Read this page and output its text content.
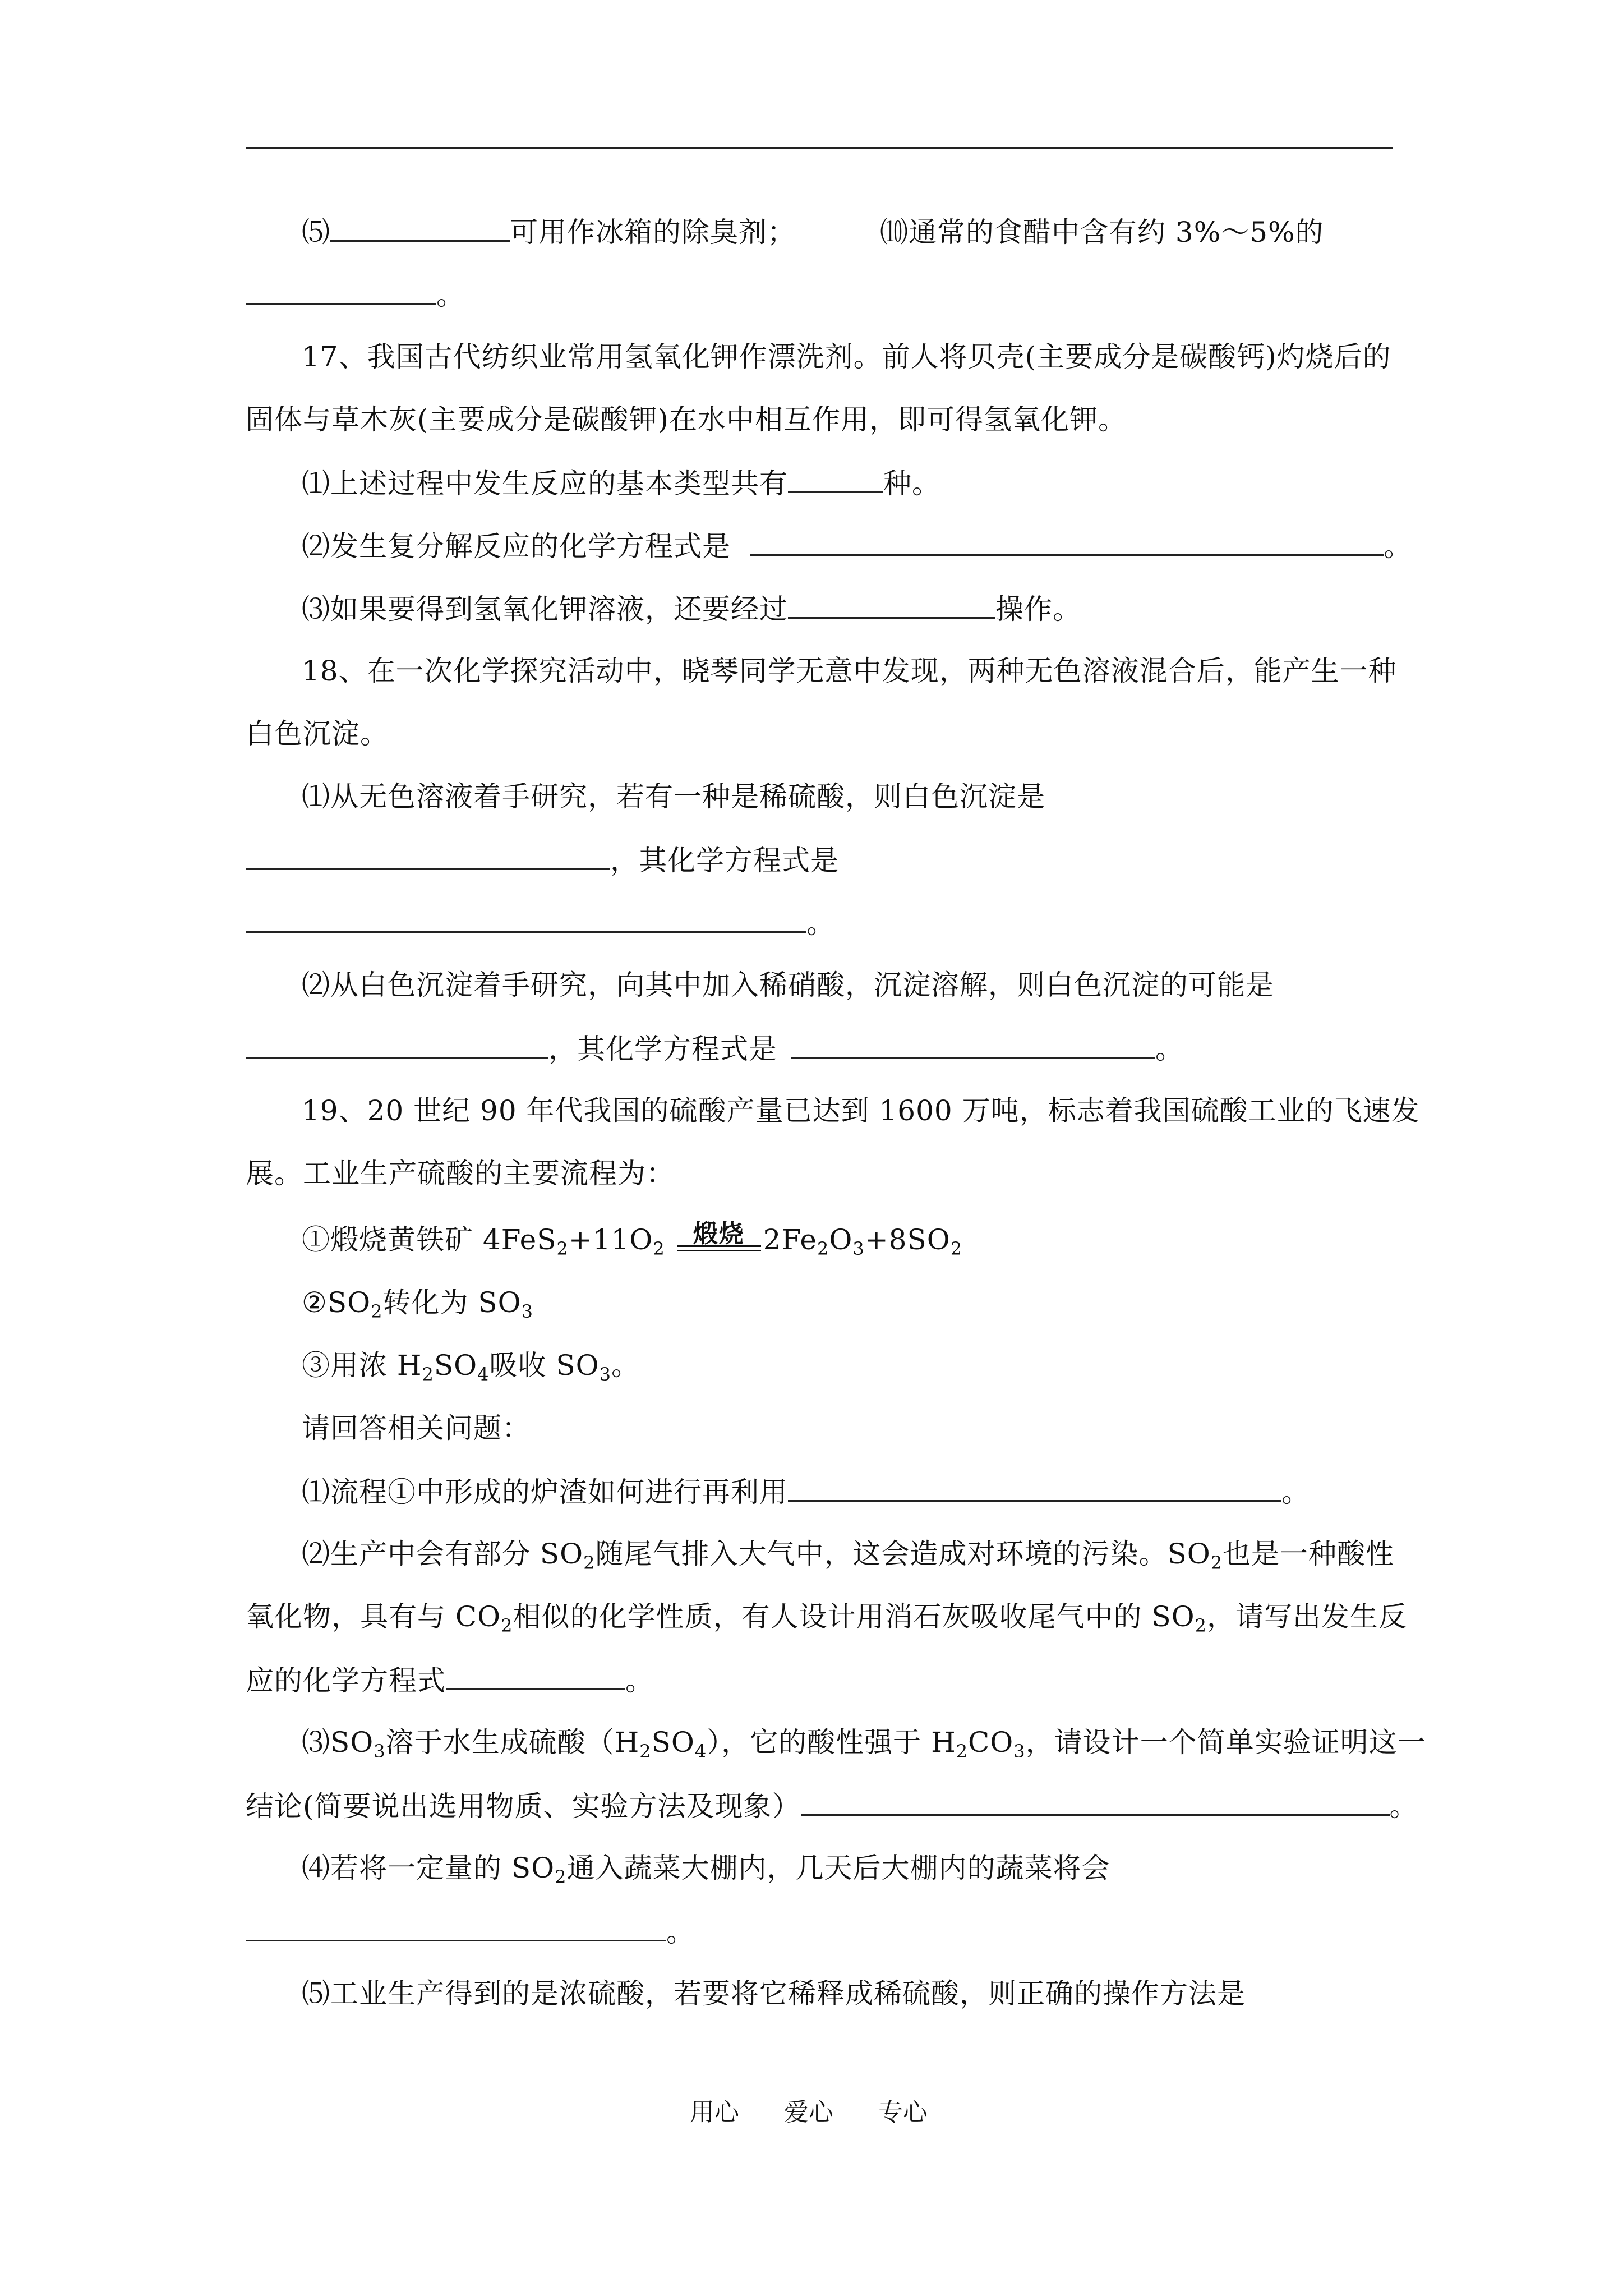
⑸	可用作冰箱的除臭剂；	⑽通常的食醋中含有约 3%～5%的
。
17、我国古代纺织业常用氢氧化钾作漂洗剂。前人将贝壳(主要成分是碳酸钙)灼烧后的
固体与草木灰(主要成分是碳酸钾)在水中相互作用，即可得氢氧化钾。
⑴上述过程中发生反应的基本类型共有	种。
⑵发生复分解反应的化学方程式是	。
⑶如果要得到氢氧化钾溶液，还要经过	操作。
18、在一次化学探究活动中，晓琴同学无意中发现，两种无色溶液混合后，能产生一种
白色沉淀。
⑴从无色溶液着手研究，若有一种是稀硫酸，则白色沉淀是
，其化学方程式是
。
⑵从白色沉淀着手研究，向其中加入稀硝酸，沉淀溶解，则白色沉淀的可能是
，其化学方程式是	。
19、20 世纪 90 年代我国的硫酸产量已达到 1600 万吨，标志着我国硫酸工业的飞速发
展。工业生产硫酸的主要流程为：
①煅烧黄铁矿 $4FeS_2+11O_2$
煅烧 $2Fe_2O_3+8SO_2$
$②SO_2$转化为 $SO_3$
③用浓 $H_2SO_4$吸收 $SO_3$。
请回答相关问题：
⑴流程①中形成的炉渣如何进行再利用	。
⑵生产中会有部分 $SO_2$随尾气排入大气中，这会造成对环境的污染。$SO_2$也是一种酸性
氧化物，具有与 $CO_2$相似的化学性质，有人设计用消石灰吸收尾气中的 $SO_2$，请写出发生反
应的化学方程式	。
$⑶SO_3$溶于水生成硫酸$(H_2SO_4)$，它的酸性强于 $H_2CO_3$，请设计一个简单实验证明这一
结论(简要说出选用物质、实验方法及现象）	。
⑷若将一定量的 $SO_2$通入蔬菜大棚内，几天后大棚内的蔬菜将会
。
⑸工业生产得到的是浓硫酸，若要将它稀释成稀硫酸，则正确的操作方法是
用心 爱心 专心
